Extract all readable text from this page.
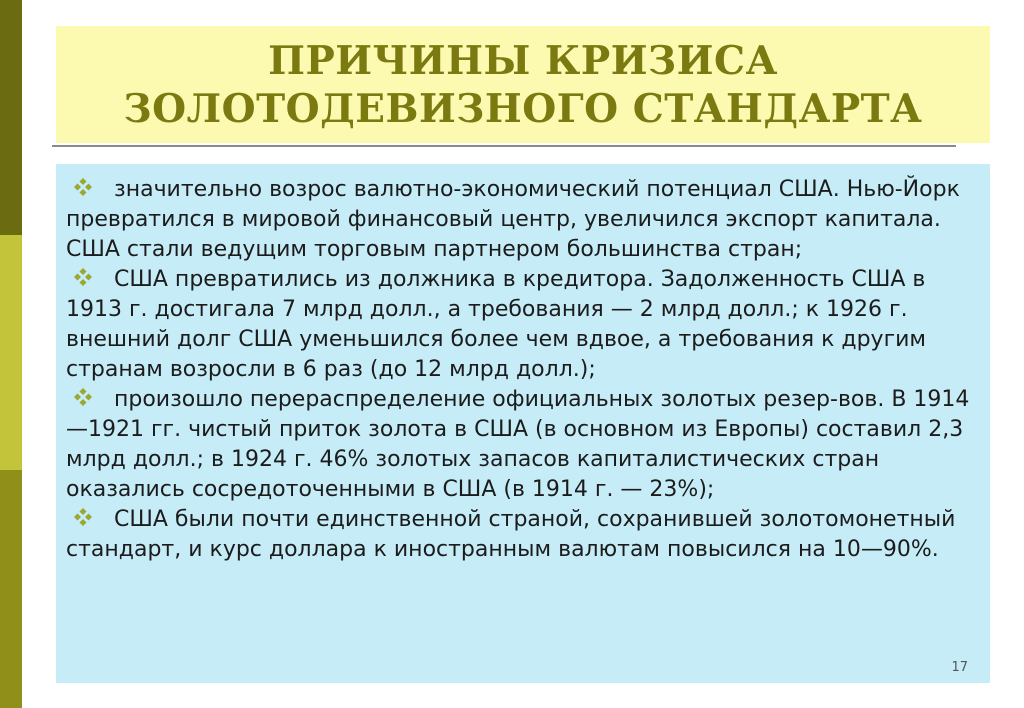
ПРИЧИНЫ КРИЗИСА
ЗОЛОТОДЕВИЗНОГО СТАНДАРТА

значительно возрос валютно-экономический потенциал США. Нью-Йорк превратился в мировой финансовый центр, увеличился экспорт капитала. США стали ведущим торговым партнером большинства стран;

США превратились из должника в кредитора. Задолженность США в 1913 г. достигала 7 млрд долл., а требования — 2 млрд долл.; к 1926 г. внешний долг США уменьшился более чем вдвое, а требования к другим странам возросли в 6 раз (до 12 млрд долл.);

произошло перераспределение официальных золотых резер-вов. В 1914—1921 гг. чистый приток золота в США (в основном из Европы) составил 2,3 млрд долл.; в 1924 г. 46% золотых запасов капиталистических стран оказались сосредоточенными в США (в 1914 г. — 23%);

США были почти единственной страной, сохранившей золотомонетный стандарт, и курс доллара к иностранным валютам повысился на 10—90%.

17
